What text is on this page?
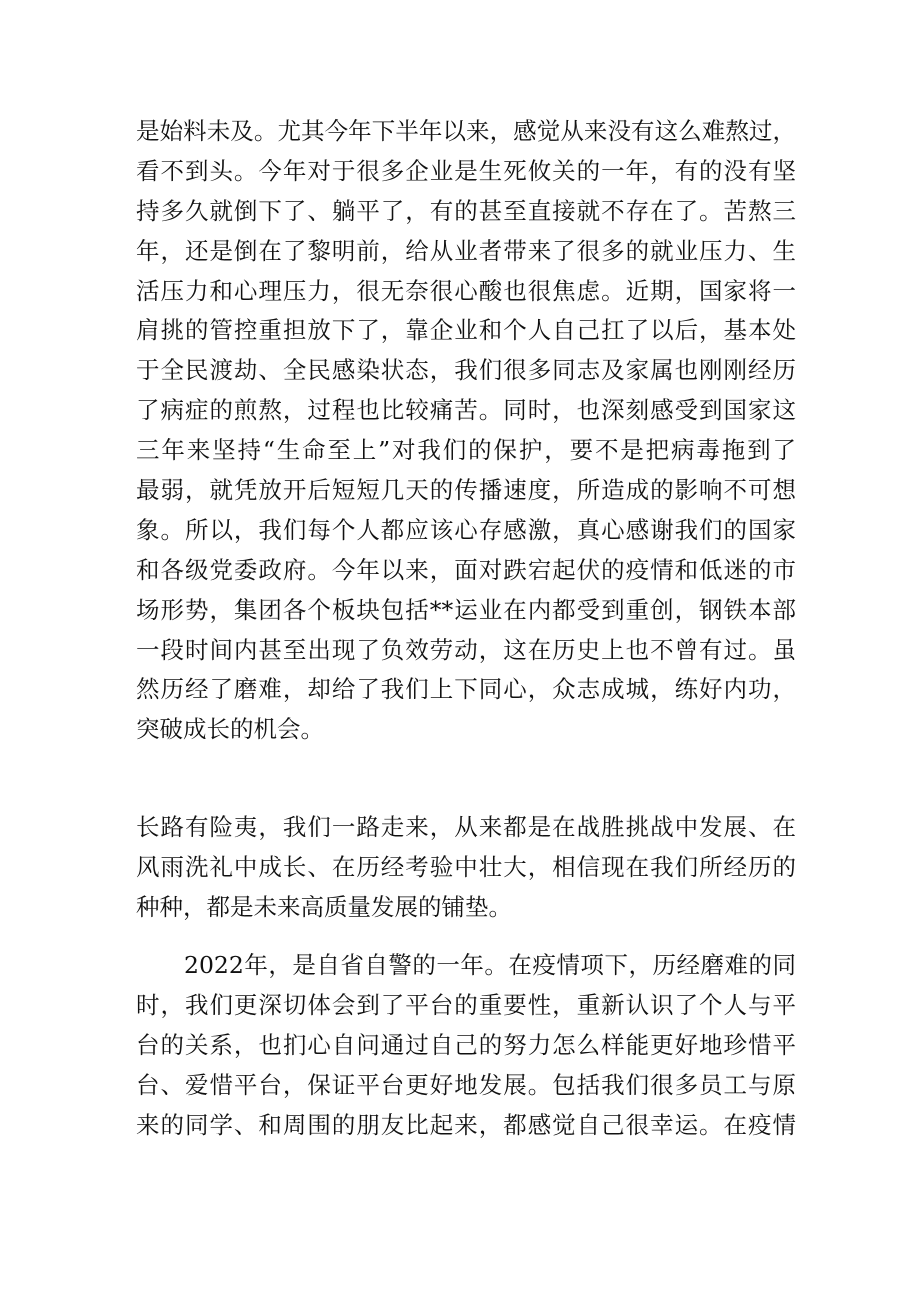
是始料未及。尤其今年下半年以来，感觉从来没有这么难熬过，
看不到头。今年对于很多企业是生死攸关的一年，有的没有坚
持多久就倒下了、躺平了，有的甚至直接就不存在了。苦熬三
年，还是倒在了黎明前，给从业者带来了很多的就业压力、生
活压力和心理压力，很无奈很心酸也很焦虑。近期，国家将一
肩挑的管控重担放下了，靠企业和个人自己扛了以后，基本处
于全民渡劫、全民感染状态，我们很多同志及家属也刚刚经历
了病症的煎熬，过程也比较痛苦。同时，也深刻感受到国家这
三年来坚持“生命至上”对我们的保护，要不是把病毒拖到了
最弱，就凭放开后短短几天的传播速度，所造成的影响不可想
象。所以，我们每个人都应该心存感激，真心感谢我们的国家
和各级党委政府。今年以来，面对跌宕起伏的疫情和低迷的市
场形势，集团各个板块包括**运业在内都受到重创，钢铁本部
一段时间内甚至出现了负效劳动，这在历史上也不曾有过。虽
然历经了磨难，却给了我们上下同心，众志成城，练好内功，
突破成长的机会。
长路有险夷，我们一路走来，从来都是在战胜挑战中发展、在
风雨洗礼中成长、在历经考验中壮大，相信现在我们所经历的
种种，都是未来高质量发展的铺垫。
　　2022年，是自省自警的一年。在疫情项下，历经磨难的同
时，我们更深切体会到了平台的重要性，重新认识了个人与平
台的关系，也扪心自问通过自己的努力怎么样能更好地珍惜平
台、爱惜平台，保证平台更好地发展。包括我们很多员工与原
来的同学、和周围的朋友比起来，都感觉自己很幸运。在疫情
